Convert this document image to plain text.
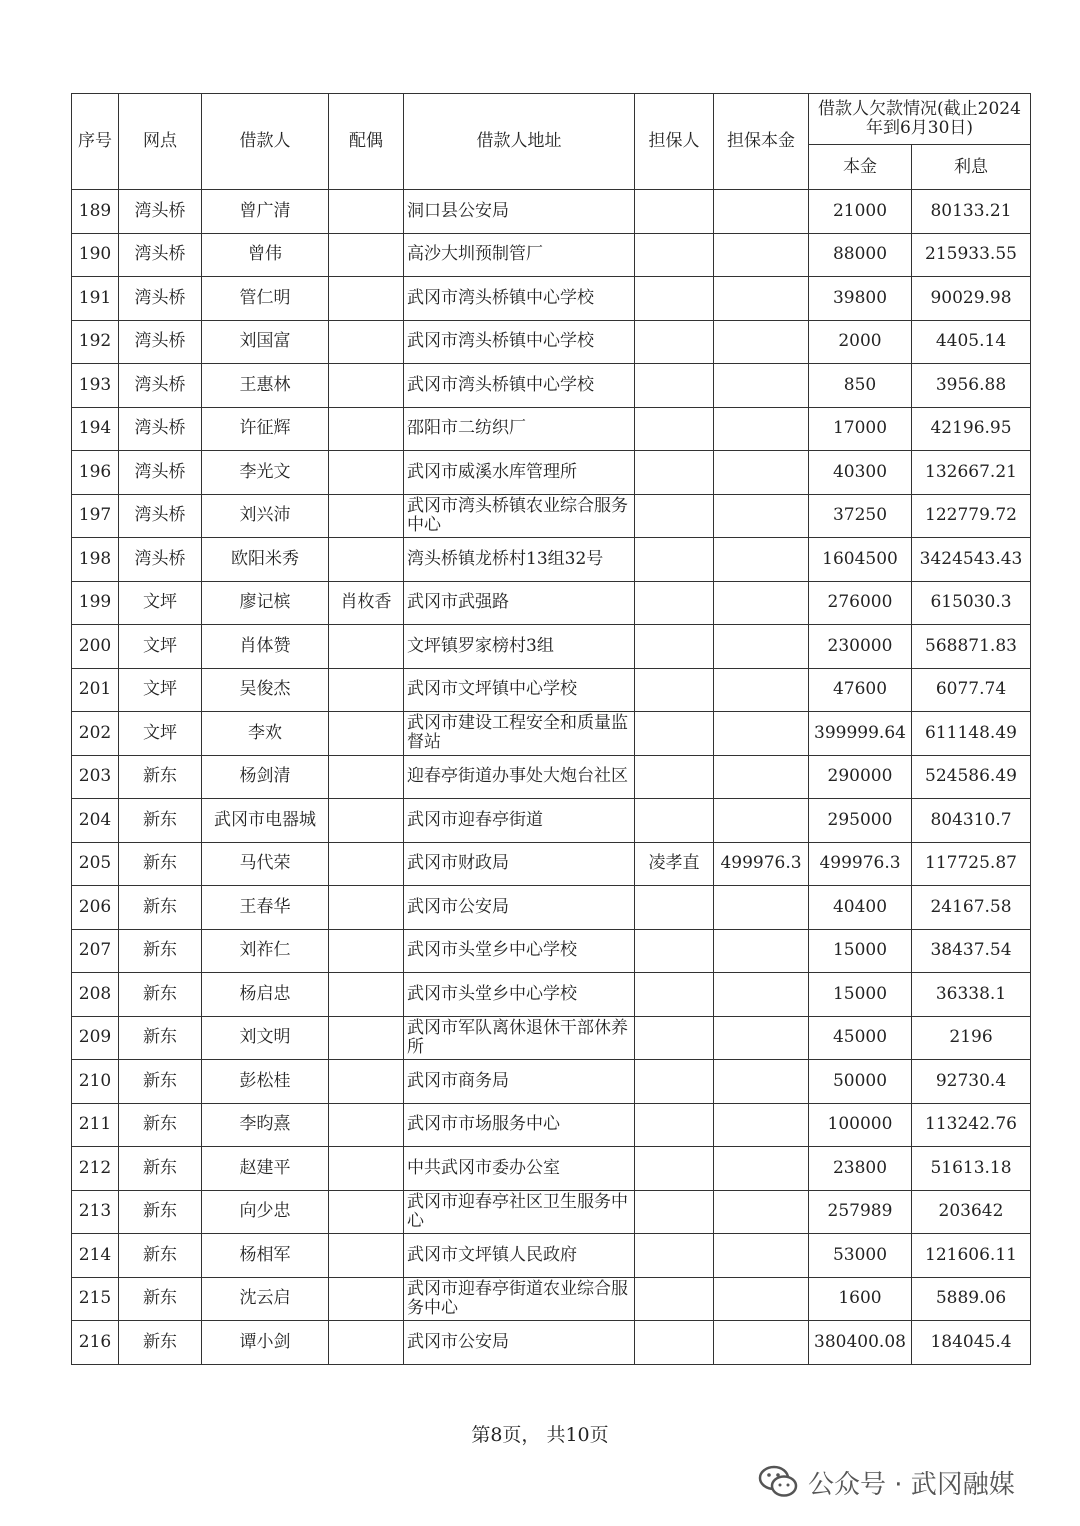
序号	网点	借款人	配偶	借款人地址	担保人	担保本金	借款人欠款情况(截止2024年到6月30日)	
							本金	利息
189	湾头桥	曾广清		洞口县公安局			21000	80133.21
190	湾头桥	曾伟		高沙大圳预制管厂			88000	215933.55
191	湾头桥	管仁明		武冈市湾头桥镇中心学校			39800	90029.98
192	湾头桥	刘国富		武冈市湾头桥镇中心学校			2000	4405.14
193	湾头桥	王惠林		武冈市湾头桥镇中心学校			850	3956.88
194	湾头桥	许征辉		邵阳市二纺织厂			17000	42196.95
196	湾头桥	李光文		武冈市威溪水库管理所			40300	132667.21
197	湾头桥	刘兴沛		武冈市湾头桥镇农业综合服务中心			37250	122779.72
198	湾头桥	欧阳米秀		湾头桥镇龙桥村13组32号			1604500	3424543.43
199	文坪	廖记槟	肖枚香	武冈市武强路			276000	615030.3
200	文坪	肖体赞		文坪镇罗家榜村3组			230000	568871.83
201	文坪	吴俊杰		武冈市文坪镇中心学校			47600	6077.74
202	文坪	李欢		武冈市建设工程安全和质量监督站			399999.64	611148.49
203	新东	杨剑清		迎春亭街道办事处大炮台社区			290000	524586.49
204	新东	武冈市电器城		武冈市迎春亭街道			295000	804310.7
205	新东	马代荣		武冈市财政局	凌孝直	499976.3	499976.3	117725.87
206	新东	王春华		武冈市公安局			40400	24167.58
207	新东	刘祚仁		武冈市头堂乡中心学校			15000	38437.54
208	新东	杨启忠		武冈市头堂乡中心学校			15000	36338.1
209	新东	刘文明		武冈市军队离休退休干部休养所			45000	2196
210	新东	彭松桂		武冈市商务局			50000	92730.4
211	新东	李昀熹		武冈市市场服务中心			100000	113242.76
212	新东	赵建平		中共武冈市委办公室			23800	51613.18
213	新东	向少忠		武冈市迎春亭社区卫生服务中心			257989	203642
214	新东	杨相军		武冈市文坪镇人民政府			53000	121606.11
215	新东	沈云启		武冈市迎春亭街道农业综合服务中心			1600	5889.06
216	新东	谭小剑		武冈市公安局			380400.08	184045.4
第8页， 共10页
公众号 · 武冈融媒
